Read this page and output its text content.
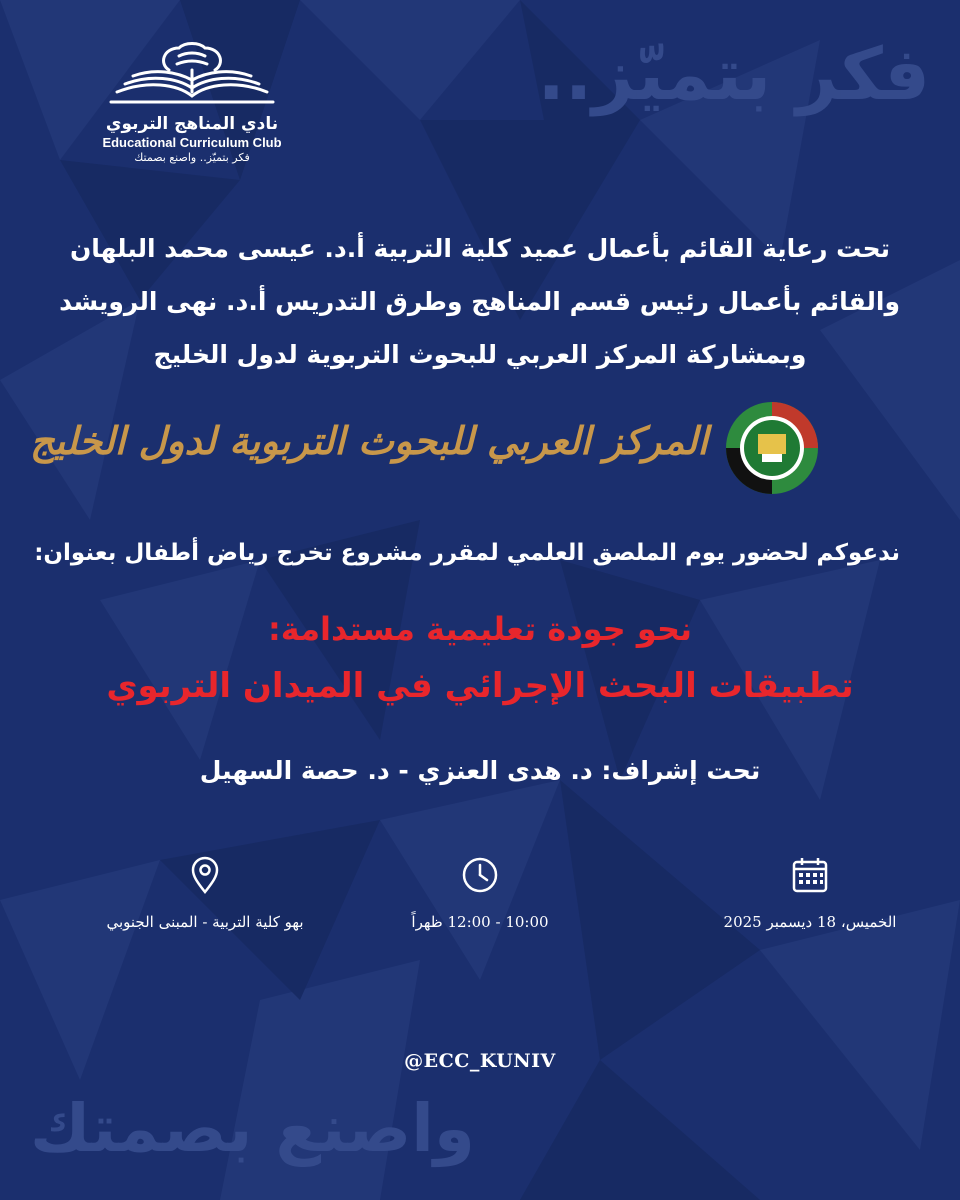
فكر بتميّز..
واصنع بصمتك
نادي المناهج التربوي
Educational Curriculum Club
فكر بتميّز.. واصنع بصمتك
تحت رعاية القائم بأعمال عميد كلية التربية أ.د. عيسى محمد البلهان
والقائم بأعمال رئيس قسم المناهج وطرق التدريس أ.د. نهى الرويشد
وبمشاركة المركز العربي للبحوث التربوية لدول الخليج
المركز العربي للبحوث التربوية لدول الخليج
ندعوكم لحضور يوم الملصق العلمي لمقرر مشروع تخرج رياض أطفال بعنوان:
نحو جودة تعليمية مستدامة:
تطبيقات البحث الإجرائي في الميدان التربوي
تحت إشراف: د. هدى العنزي - د. حصة السهيل
الخميس، 18 ديسمبر 2025
10:00 - 12:00 ظهراً
بهو كلية التربية - المبنى الجنوبي
@ECC_KUNIV
